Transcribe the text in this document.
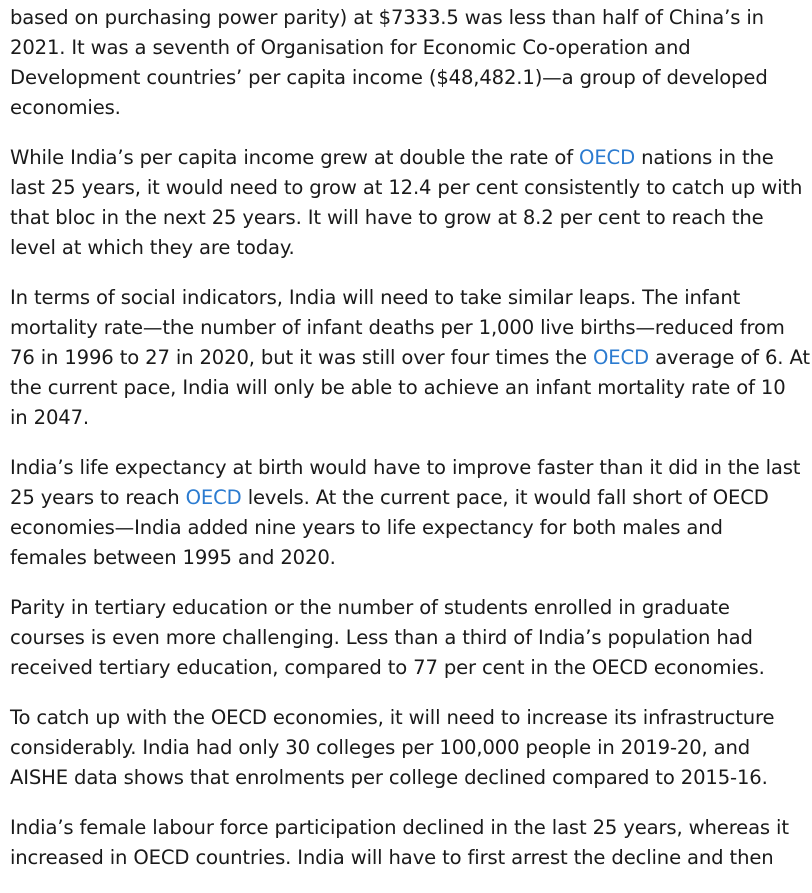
based on purchasing power parity) at $7333.5 was less than half of China’s in
2021. It was a seventh of Organisation for Economic Co-operation and
Development countries’ per capita income ($48,482.1)—a group of developed
economies.

While India’s per capita income grew at double the rate of OECD nations in the
last 25 years, it would need to grow at 12.4 per cent consistently to catch up with
that bloc in the next 25 years. It will have to grow at 8.2 per cent to reach the
level at which they are today.

In terms of social indicators, India will need to take similar leaps. The infant
mortality rate—the number of infant deaths per 1,000 live births—reduced from
76 in 1996 to 27 in 2020, but it was still over four times the OECD average of 6. At
the current pace, India will only be able to achieve an infant mortality rate of 10
in 2047.

India’s life expectancy at birth would have to improve faster than it did in the last
25 years to reach OECD levels. At the current pace, it would fall short of OECD
economies—India added nine years to life expectancy for both males and
females between 1995 and 2020.

Parity in tertiary education or the number of students enrolled in graduate
courses is even more challenging. Less than a third of India’s population had
received tertiary education, compared to 77 per cent in the OECD economies.

To catch up with the OECD economies, it will need to increase its infrastructure
considerably. India had only 30 colleges per 100,000 people in 2019-20, and
AISHE data shows that enrolments per college declined compared to 2015-16.

India’s female labour force participation declined in the last 25 years, whereas it
increased in OECD countries. India will have to first arrest the decline and then
